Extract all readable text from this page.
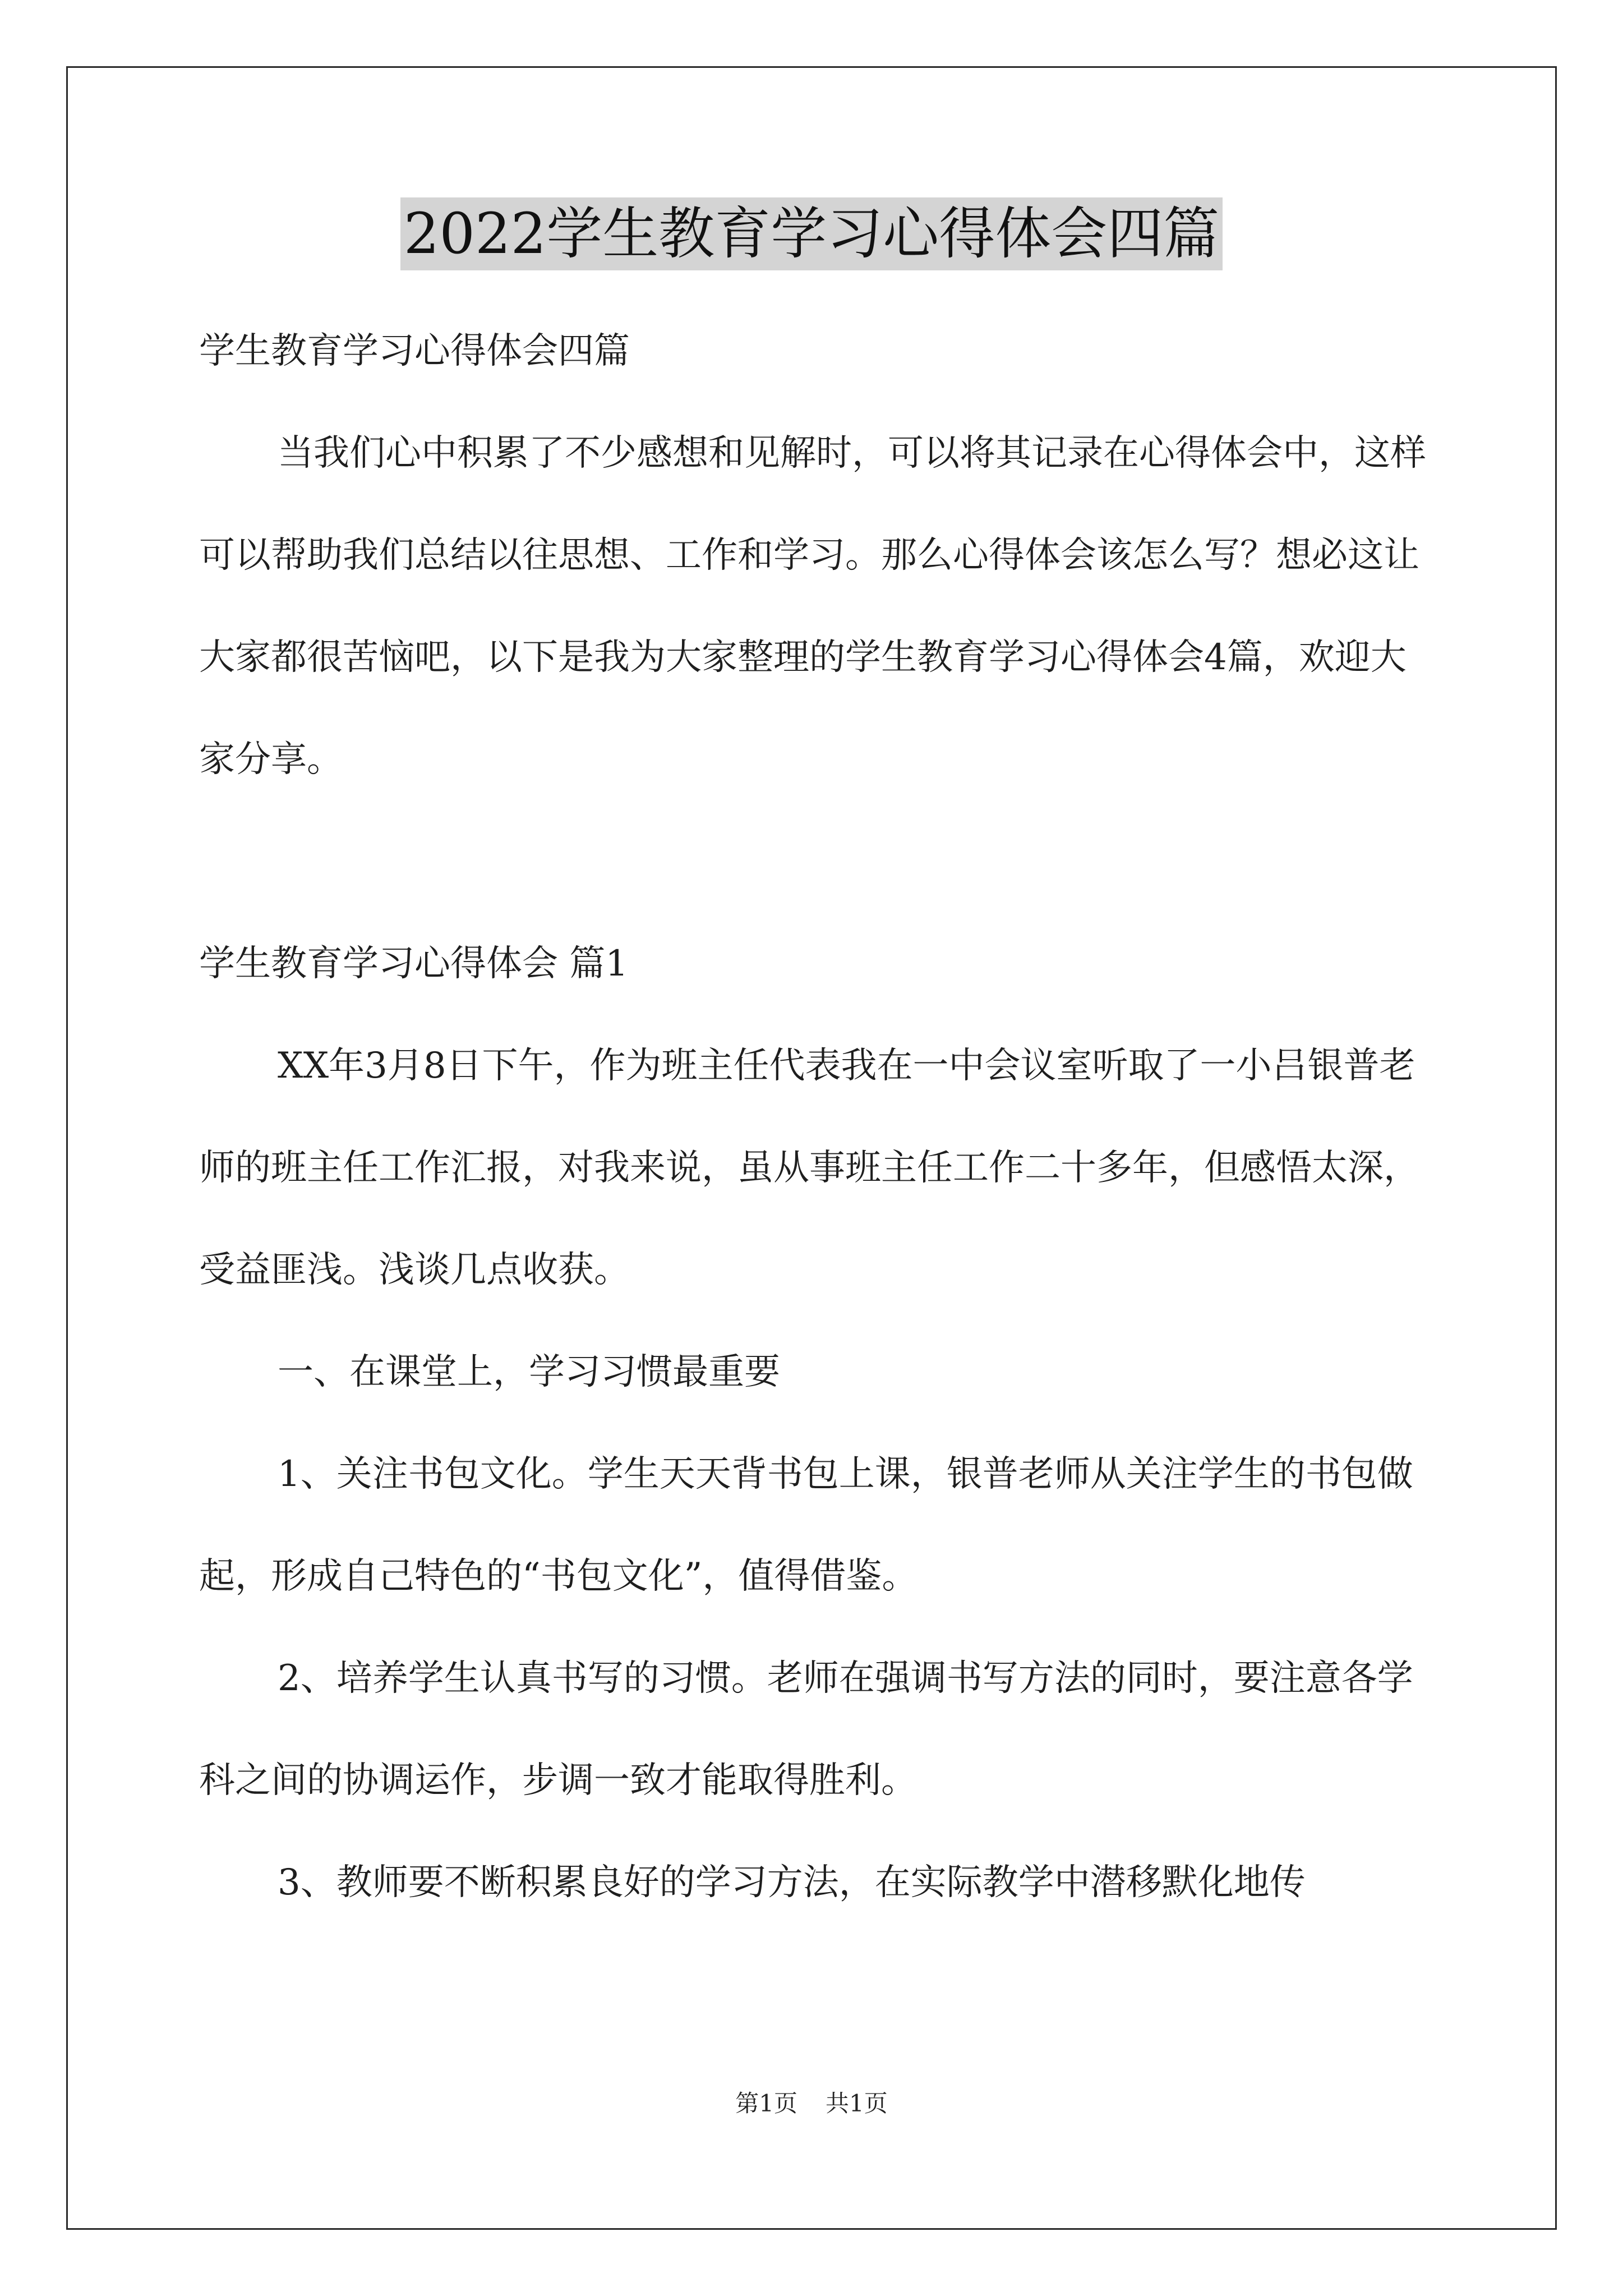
2022学生教育学习心得体会四篇

学生教育学习心得体会四篇

当我们心中积累了不少感想和见解时，可以将其记录在心得体会中，这样可以帮助我们总结以往思想、工作和学习。那么心得体会该怎么写？想必这让大家都很苦恼吧，以下是我为大家整理的学生教育学习心得体会4篇，欢迎大家分享。

学生教育学习心得体会 篇1

XX年3月8日下午，作为班主任代表我在一中会议室听取了一小吕银普老师的班主任工作汇报，对我来说，虽从事班主任工作二十多年，但感悟太深，受益匪浅。浅谈几点收获。

一、在课堂上，学习习惯最重要

1、关注书包文化。学生天天背书包上课，银普老师从关注学生的书包做起，形成自己特色的“书包文化”，值得借鉴。

2、培养学生认真书写的习惯。老师在强调书写方法的同时，要注意各学科之间的协调运作，步调一致才能取得胜利。

3、教师要不断积累良好的学习方法，在实际教学中潜移默化地传

第1页 共1页
